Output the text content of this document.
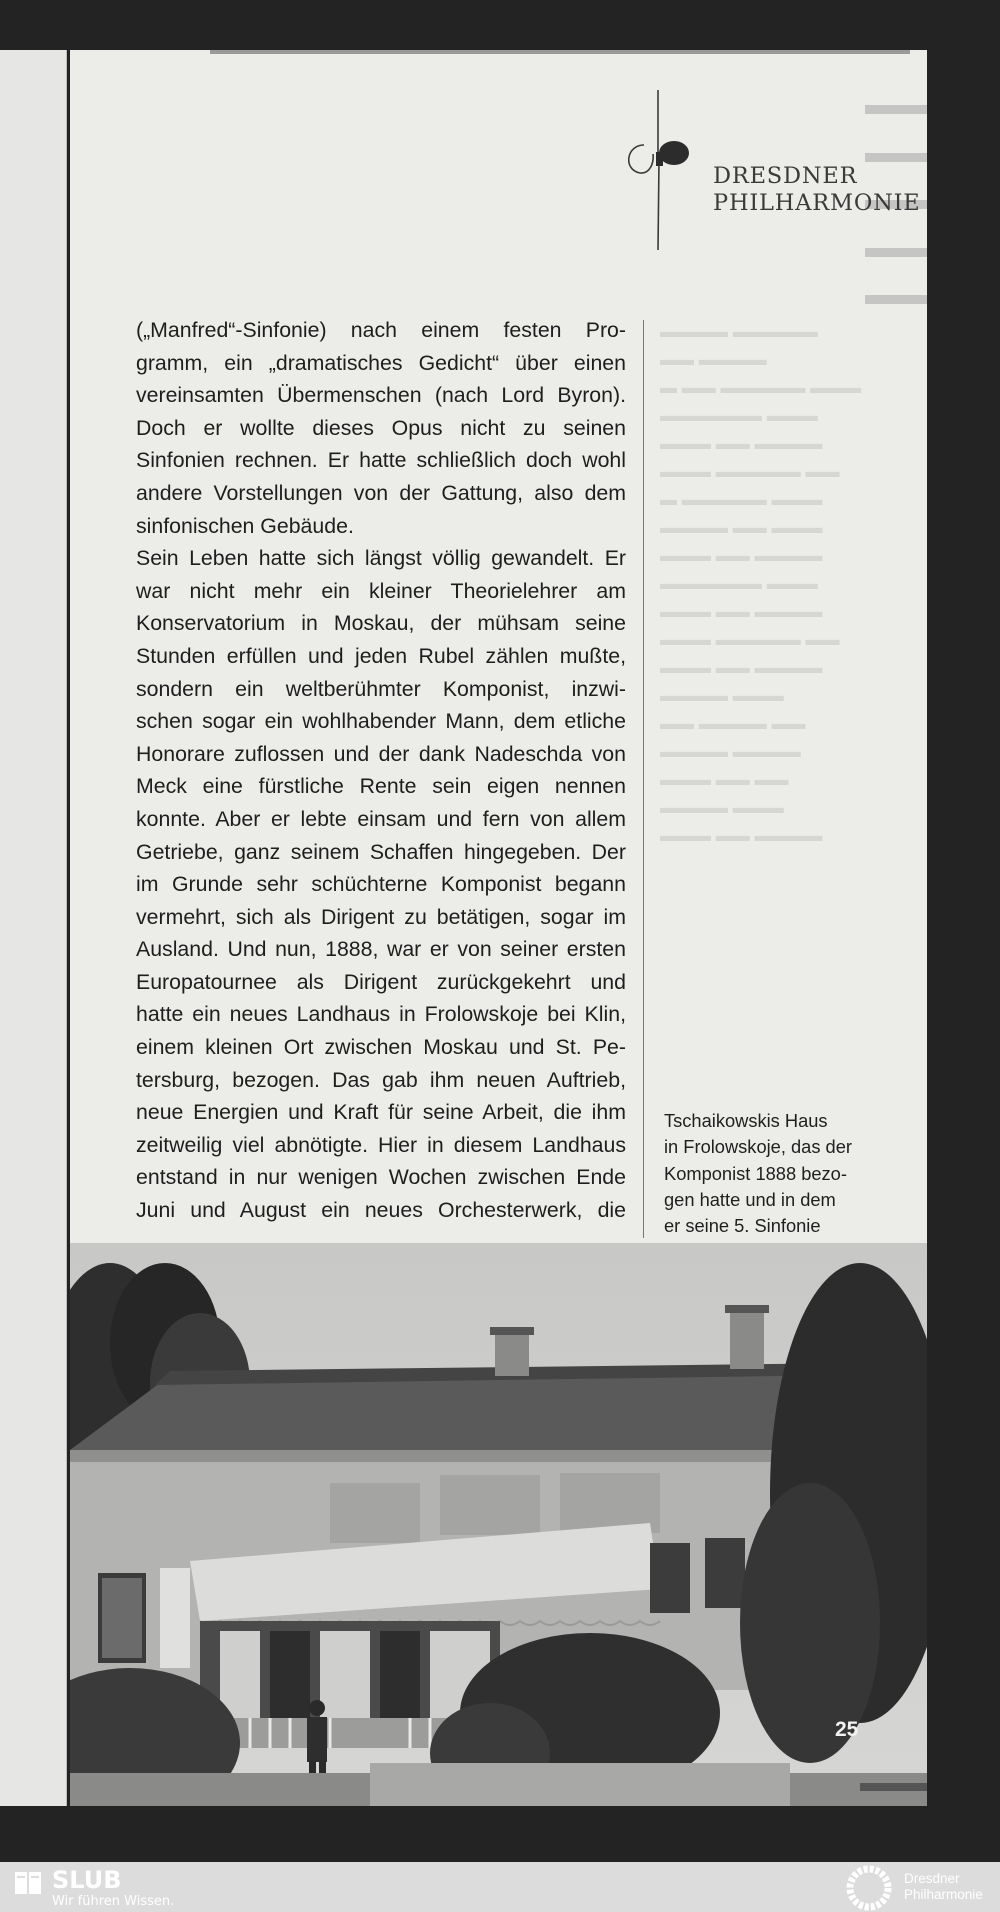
DRESDNER
PHILHARMONIE
(„Manfred“-Sinfonie) nach einem festen Pro-
gramm, ein „dramatisches Gedicht“ über einen
vereinsamten Übermenschen (nach Lord Byron).
Doch er wollte dieses Opus nicht zu seinen
Sinfonien rechnen. Er hatte schließlich doch wohl
andere Vorstellungen von der Gattung, also dem
sinfonischen Gebäude.
Sein Leben hatte sich längst völlig gewandelt. Er
war nicht mehr ein kleiner Theorielehrer am
Konservatorium in Moskau, der mühsam seine
Stunden erfüllen und jeden Rubel zählen mußte,
sondern ein weltberühmter Komponist, inzwi-
schen sogar ein wohlhabender Mann, dem etliche
Honorare zuflossen und der dank Nadeschda von
Meck eine fürstliche Rente sein eigen nennen
konnte. Aber er lebte einsam und fern von allem
Getriebe, ganz seinem Schaffen hingegeben. Der
im Grunde sehr schüchterne Komponist begann
vermehrt, sich als Dirigent zu betätigen, sogar im
Ausland. Und nun, 1888, war er von seiner ersten
Europatournee als Dirigent zurückgekehrt und
hatte ein neues Landhaus in Frolowskoje bei Klin,
einem kleinen Ort zwischen Moskau und St. Pe-
tersburg, bezogen. Das gab ihm neuen Auftrieb,
neue Energien und Kraft für seine Arbeit, die ihm
zeitweilig viel abnötigte. Hier in diesem Landhaus
entstand in nur wenigen Wochen zwischen Ende
Juni und August ein neues Orchesterwerk, die
▬▬▬▬ ▬▬▬▬▬
▬▬ ▬▬▬▬
▬ ▬▬ ▬▬▬▬▬ ▬▬▬
▬▬▬▬▬▬ ▬▬▬
▬▬▬ ▬▬ ▬▬▬▬
▬▬▬ ▬▬▬▬▬ ▬▬
▬ ▬▬▬▬▬ ▬▬▬
▬▬▬▬ ▬▬ ▬▬▬
▬▬▬ ▬▬ ▬▬▬▬
▬▬▬▬▬▬ ▬▬▬
▬▬▬ ▬▬ ▬▬▬▬
▬▬▬ ▬▬▬▬▬ ▬▬
▬▬▬ ▬▬ ▬▬▬▬
▬▬▬▬ ▬▬▬
▬▬ ▬▬▬▬ ▬▬
▬▬▬▬ ▬▬▬▬
▬▬▬ ▬▬ ▬▬
▬▬▬▬ ▬▬▬
▬▬▬ ▬▬ ▬▬▬▬
Tschaikowskis Haus
in Frolowskoje, das der
Komponist 1888 bezo-
gen hatte und in dem
er seine 5. Sinfonie
25
SLUB
Wir führen Wissen.
Dresdner
Philharmonie
